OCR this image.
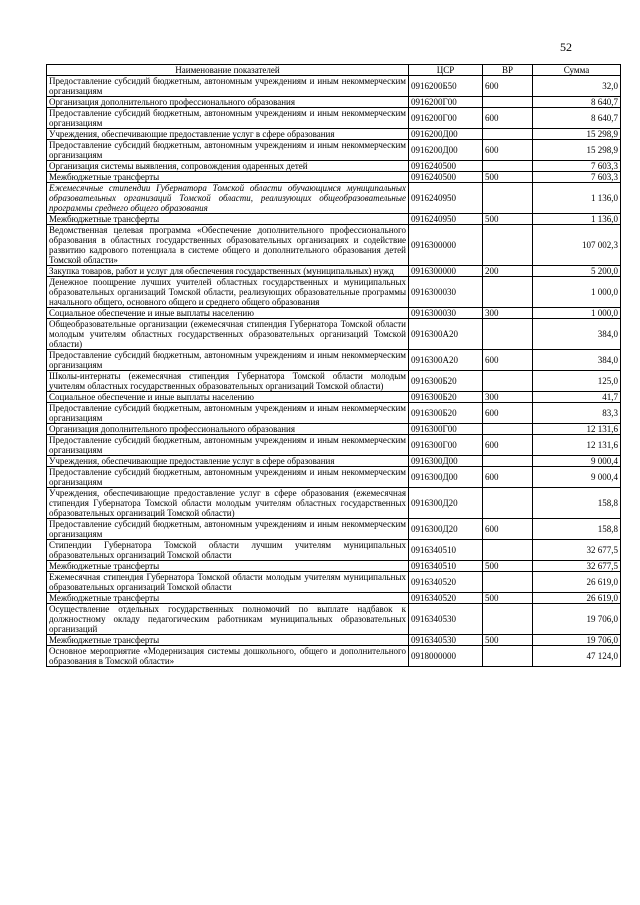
52
Наименование показателей	ЦСР	ВР	Сумма
Предоставление субсидий бюджетным, автономным учреждениям и иным некоммерческим организациям	0916200Б50	600	32,0
Организация дополнительного профессионального образования	0916200Г00		8 640,7
Предоставление субсидий бюджетным, автономным учреждениям и иным некоммерческим организациям	0916200Г00	600	8 640,7
Учреждения, обеспечивающие предоставление услуг в сфере образования	0916200Д00		15 298,9
Предоставление субсидий бюджетным, автономным учреждениям и иным некоммерческим организациям	0916200Д00	600	15 298,9
Организация системы выявления, сопровождения одаренных детей	0916240500		7 603,3
Межбюджетные трансферты	0916240500	500	7 603,3
Ежемесячные стипендии Губернатора Томской области обучающимся муниципальных образовательных организаций Томской области, реализующих общеобразовательные программы среднего общего образования	0916240950		1 136,0
Межбюджетные трансферты	0916240950	500	1 136,0
Ведомственная целевая программа «Обеспечение дополнительного профессионального образования в областных государственных образовательных организациях и содействие развитию кадрового потенциала в системе общего и дополнительного образования детей Томской области»	0916300000		107 002,3
Закупка товаров, работ и услуг для обеспечения государственных (муниципальных) нужд	0916300000	200	5 200,0
Денежное поощрение лучших учителей областных государственных и муниципальных образовательных организаций Томской области, реализующих образовательные программы начального общего, основного общего и среднего общего образования	0916300030		1 000,0
Социальное обеспечение и иные выплаты населению	0916300030	300	1 000,0
Общеобразовательные организации (ежемесячная стипендия Губернатора Томской области молодым учителям областных государственных образовательных организаций Томской области)	0916300А20		384,0
Предоставление субсидий бюджетным, автономным учреждениям и иным некоммерческим организациям	0916300А20	600	384,0
Школы-интернаты (ежемесячная стипендия Губернатора Томской области молодым учителям областных государственных образовательных организаций Томской области)	0916300Б20		125,0
Социальное обеспечение и иные выплаты населению	0916300Б20	300	41,7
Предоставление субсидий бюджетным, автономным учреждениям и иным некоммерческим организациям	0916300Б20	600	83,3
Организация дополнительного профессионального образования	0916300Г00		12 131,6
Предоставление субсидий бюджетным, автономным учреждениям и иным некоммерческим организациям	0916300Г00	600	12 131,6
Учреждения, обеспечивающие предоставление услуг в сфере образования	0916300Д00		9 000,4
Предоставление субсидий бюджетным, автономным учреждениям и иным некоммерческим организациям	0916300Д00	600	9 000,4
Учреждения, обеспечивающие предоставление услуг в сфере образования (ежемесячная стипендия Губернатора Томской области молодым учителям областных государственных образовательных организаций Томской области)	0916300Д20		158,8
Предоставление субсидий бюджетным, автономным учреждениям и иным некоммерческим организациям	0916300Д20	600	158,8
Стипендии Губернатора Томской области лучшим учителям муниципальных образовательных организаций Томской области	0916340510		32 677,5
Межбюджетные трансферты	0916340510	500	32 677,5
Ежемесячная стипендия Губернатора Томской области молодым учителям муниципальных образовательных организаций Томской области	0916340520		26 619,0
Межбюджетные трансферты	0916340520	500	26 619,0
Осуществление отдельных государственных полномочий по выплате надбавок к должностному окладу педагогическим работникам муниципальных образовательных организаций	0916340530		19 706,0
Межбюджетные трансферты	0916340530	500	19 706,0
Основное мероприятие «Модернизация системы дошкольного, общего и дополнительного образования в Томской области»	0918000000		47 124,0
